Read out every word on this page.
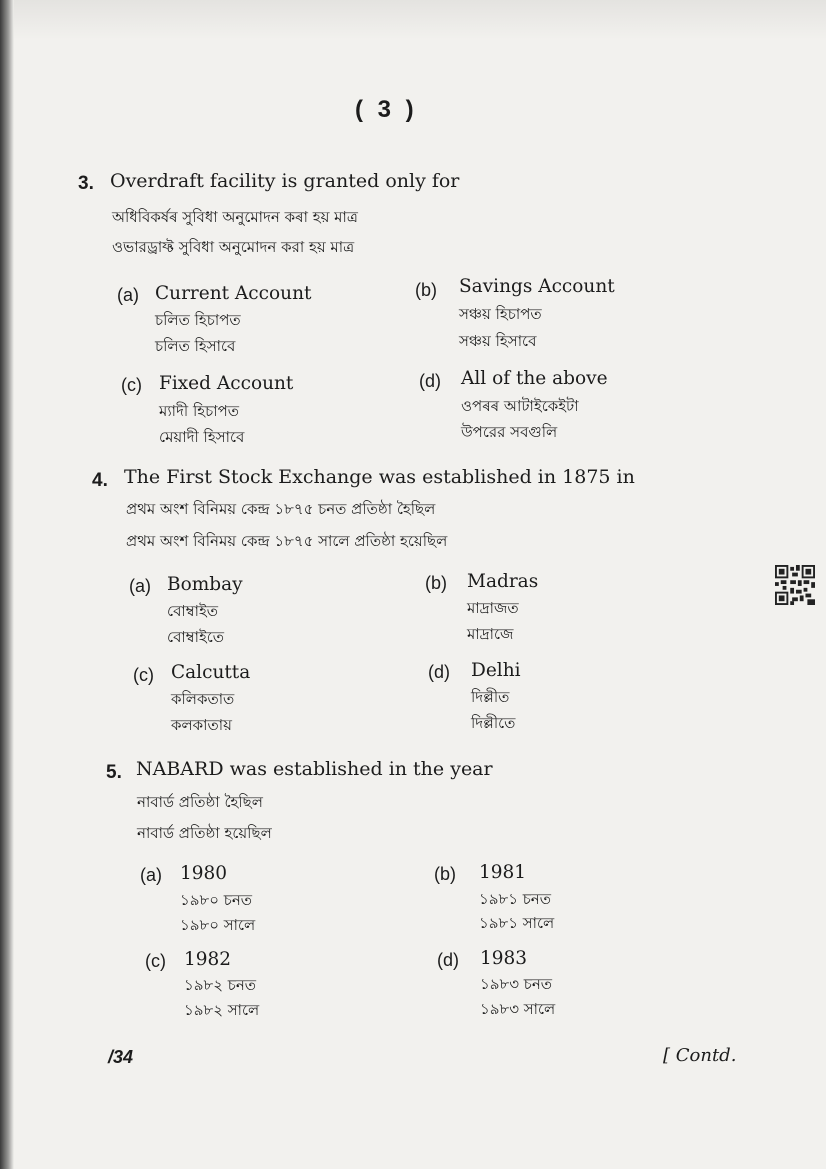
( 3 )
3. Overdraft facility is granted only for
অধিবিকৰ্ষৰ সুবিধা অনুমোদন কৰা হয় মাত্ৰ
ওভারড্রাফ্ট সুবিধা অনুমোদন করা হয় মাত্র
(a) Current Account
চলিত হিচাপত
চলিত হিসাবে
(b) Savings Account
সঞ্চয় হিচাপত
সঞ্চয় হিসাবে
(c) Fixed Account
ম্যাদী হিচাপত
মেয়াদী হিসাবে
(d) All of the above
ওপৰৰ আটাইকেইটা
উপরের সবগুলি
4. The First Stock Exchange was established in 1875 in
প্ৰথম অংশ বিনিময় কেন্দ্ৰ ১৮৭৫ চনত প্ৰতিষ্ঠা হৈছিল
প্রথম অংশ বিনিময় কেন্দ্র ১৮৭৫ সালে প্রতিষ্ঠা হয়েছিল
(a) Bombay
বোম্বাইত
বোম্বাইতে
(b) Madras
মাদ্ৰাজত
মাদ্রাজে
(c) Calcutta
কলিকতাত
কলকাতায়
(d) Delhi
দিল্লীত
দিল্লীতে
5. NABARD was established in the year
নাবাৰ্ড প্ৰতিষ্ঠা হৈছিল
নাবার্ড প্রতিষ্ঠা হয়েছিল
(a) 1980
১৯৮০ চনত
১৯৮০ সালে
(b) 1981
১৯৮১ চনত
১৯৮১ সালে
(c) 1982
১৯৮২ চনত
১৯৮২ সালে
(d) 1983
১৯৮৩ চনত
১৯৮৩ সালে
/34	[ Contd.
